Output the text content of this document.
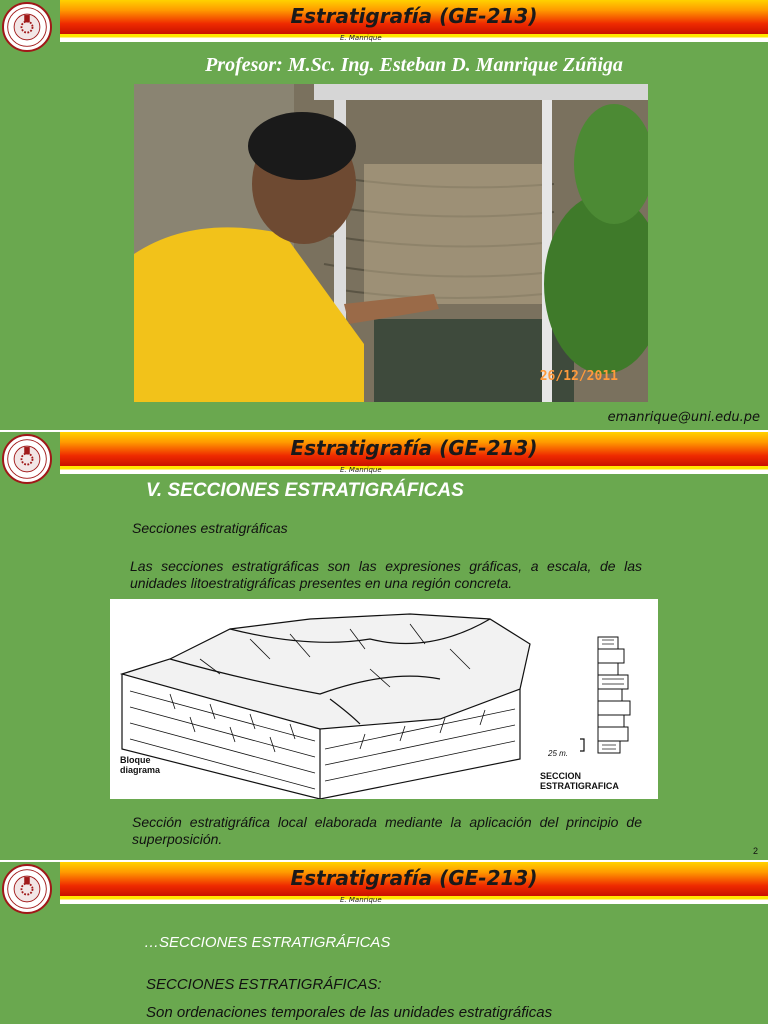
Estratigrafía (GE-213)
E. Manrique
Profesor: M.Sc. Ing. Esteban D. Manrique Zúñiga
26/12/2011
emanrique@uni.edu.pe
Estratigrafía (GE-213)
E. Manrique
V. SECCIONES ESTRATIGRÁFICAS
Secciones estratigráficas
Las secciones estratigráficas son las expresiones gráficas, a escala, de las unidades litoestratigráficas presentes en una región concreta.
Bloque
diagrama
25 m.
SECCION
ESTRATIGRAFICA
Sección estratigráfica local elaborada mediante la aplicación del principio de superposición.
2
Estratigrafía (GE-213)
E. Manrique
…SECCIONES ESTRATIGRÁFICAS
SECCIONES ESTRATIGRÁFICAS:
Son ordenaciones temporales de las unidades estratigráficas
